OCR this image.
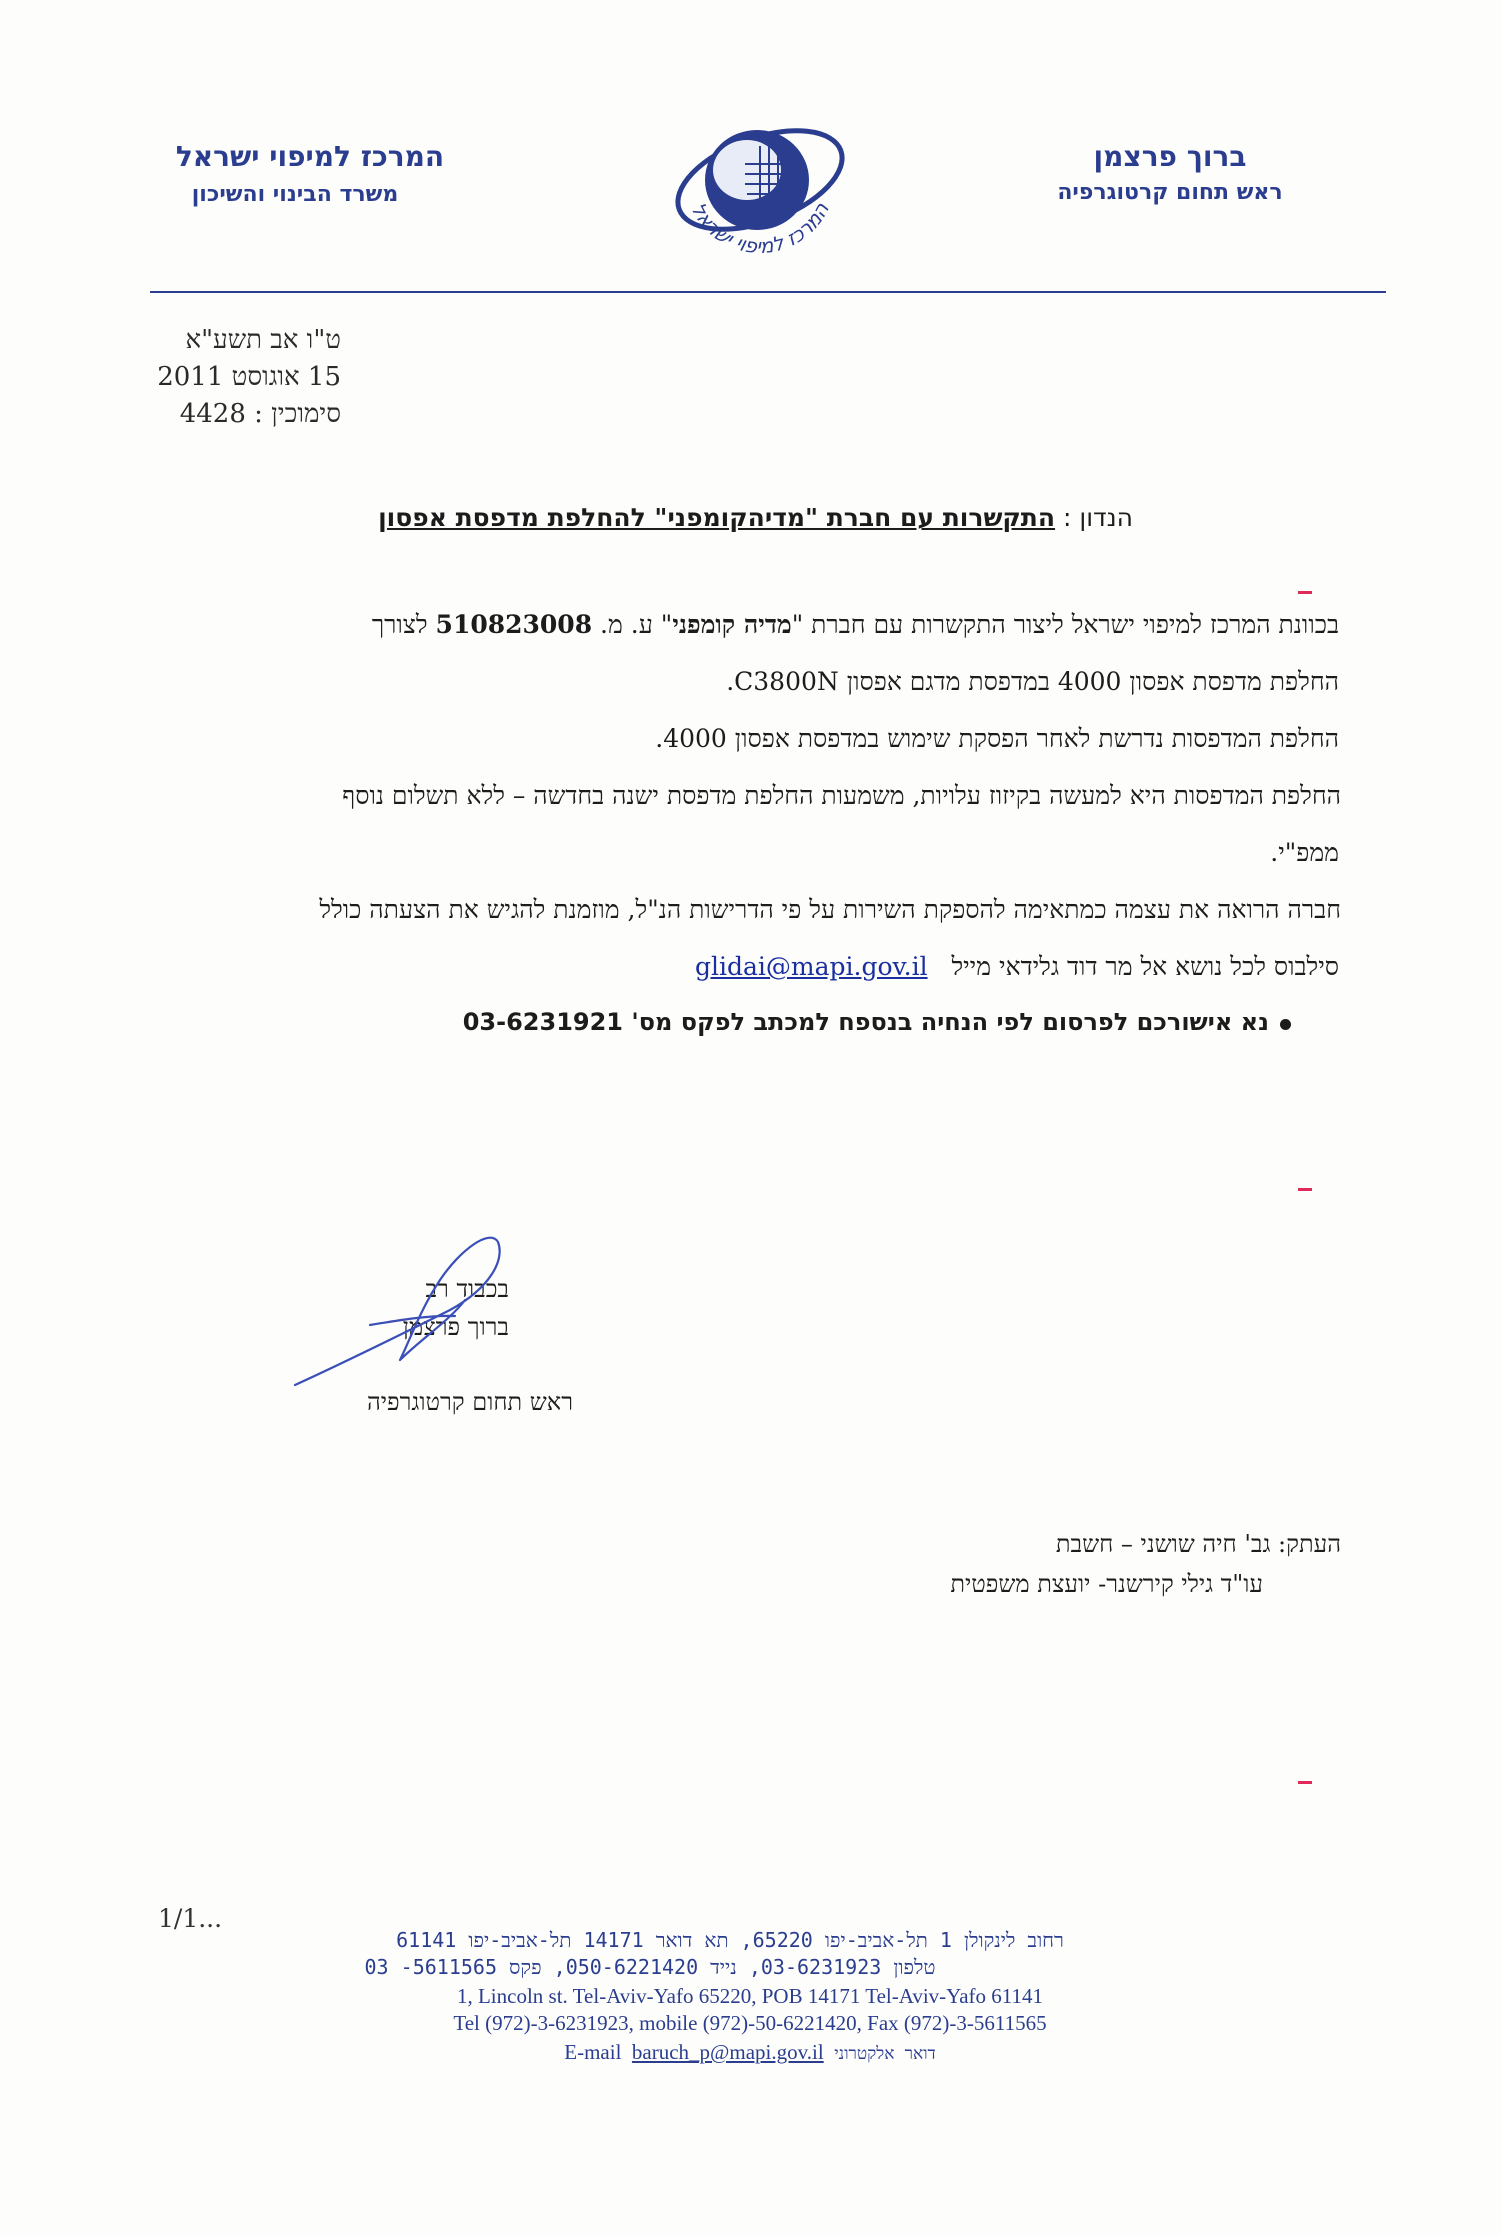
המרכז למיפוי ישראל
משרד הבינוי והשיכון
המרכז למיפוי ישראל
ברוך פרצמן
ראש תחום קרטוגרפיה
ט"ו אב תשע"א
15 אוגוסט 2011
סימוכין : 4428
הנדון : התקשרות עם חברת "מדיהקומפני" להחלפת מדפסת אפסון
בכוונת המרכז למיפוי ישראל ליצור התקשרות עם חברת "מדיה קומפני" ע. מ. 510823008 לצורך
החלפת מדפסת אפסון 4000 במדפסת מדגם אפסון C3800N.
החלפת המדפסות נדרשת לאחר הפסקת שימוש במדפסת אפסון 4000.
החלפת המדפסות היא למעשה בקיזוז עלויות, משמעות החלפת מדפסת ישנה בחדשה – ללא תשלום נוסף
ממפ"י.
חברה הרואה את עצמה כמתאימה להספקת השירות על פי הדרישות הנ"ל, מוזמנת להגיש את הצעתה כולל
סילבוס לכל נושא אל מר דוד גלידאי מייל   glidai@mapi.gov.il
נא אישורכם לפרסום לפי הנחיה בנספח למכתב לפקס מס' 03-6231921
בכבוד רב
ברוך פרצמן
ראש תחום קרטוגרפיה
העתק: גב' חיה שושני – חשבת
עו"ד גילי קירשנר- יועצת משפטית
1/1...
רחוב לינקולן 1 תל-אביב-יפו 65220, תא דואר 14171 תל-אביב-יפו 61141
טלפון 03-6231923, נייד 050-6221420, פקס 5611565- 03
1, Lincoln st. Tel-Aviv-Yafo 65220, POB 14171 Tel-Aviv-Yafo 61141
Tel (972)-3-6231923, mobile (972)-50-6221420, Fax (972)-3-5611565
E-mail baruch_p@mapi.gov.il דואר אלקטרוני
